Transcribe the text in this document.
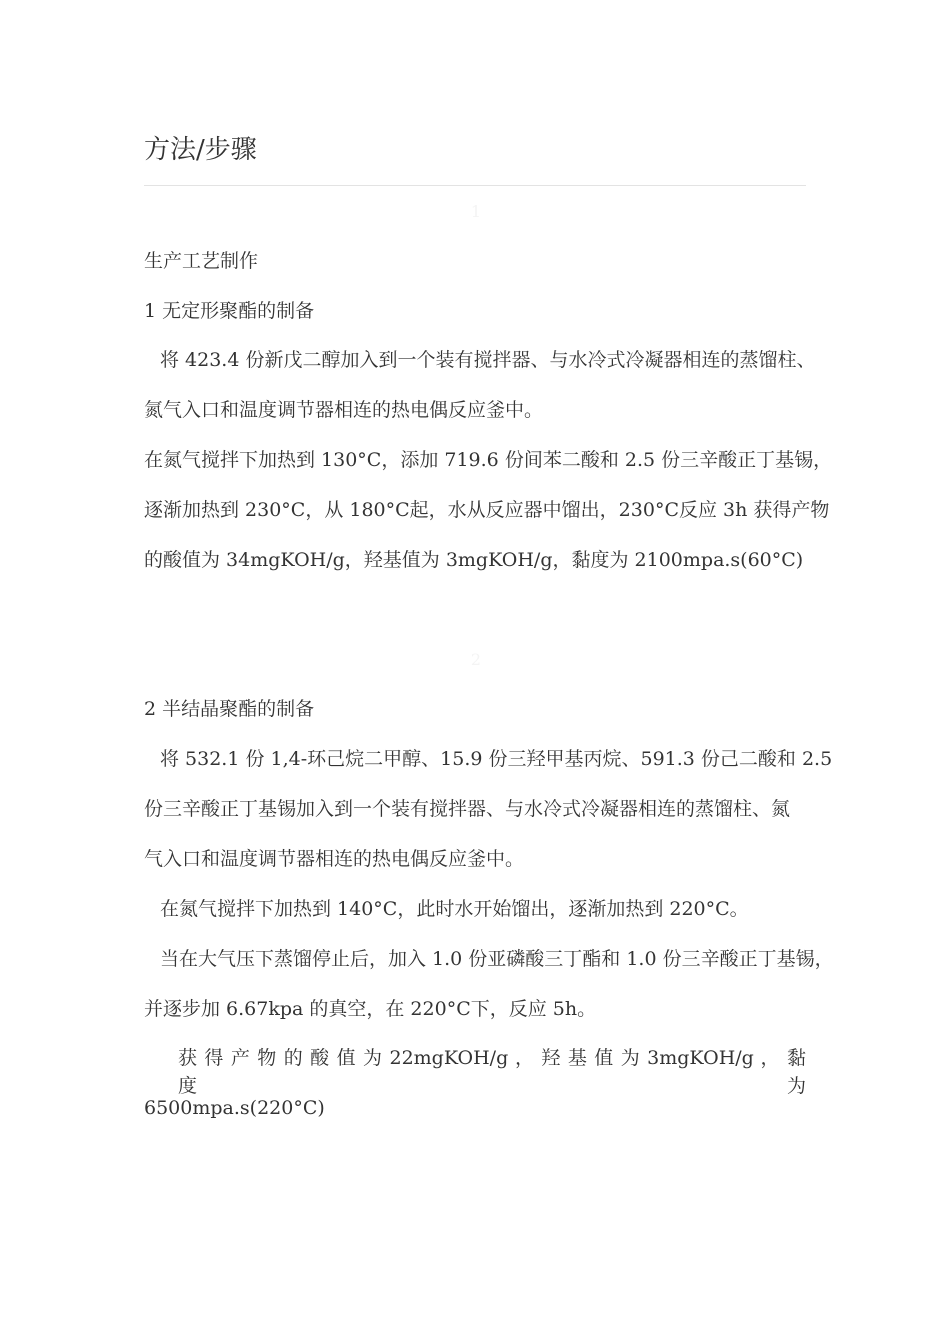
方法/步骤
1
生产工艺制作
1 无定形聚酯的制备
将 423.4 份新戊二醇加入到一个装有搅拌器、与水冷式冷凝器相连的蒸馏柱、
氮气入口和温度调节器相连的热电偶反应釜中。
在氮气搅拌下加热到 130°C，添加 719.6 份间苯二酸和 2.5 份三辛酸正丁基锡，
逐渐加热到 230°C，从 180°C起，水从反应器中馏出，230°C反应 3h 获得产物
的酸值为 34mgKOH/g，羟基值为 3mgKOH/g，黏度为 2100mpa.s(60°C)
2
2 半结晶聚酯的制备
将 532.1 份 1,4-环己烷二甲醇、15.9 份三羟甲基丙烷、591.3 份己二酸和 2.5
份三辛酸正丁基锡加入到一个装有搅拌器、与水冷式冷凝器相连的蒸馏柱、氮
气入口和温度调节器相连的热电偶反应釜中。
在氮气搅拌下加热到 140°C，此时水开始馏出，逐渐加热到 220°C。
当在大气压下蒸馏停止后，加入 1.0 份亚磷酸三丁酯和 1.0 份三辛酸正丁基锡，
并逐步加 6.67kpa 的真空，在 220°C下，反应 5h。
获 得 产 物 的 酸 值 为 22mgKOH/g ， 羟 基 值 为 3mgKOH/g ， 黏 度 为
6500mpa.s(220°C)
